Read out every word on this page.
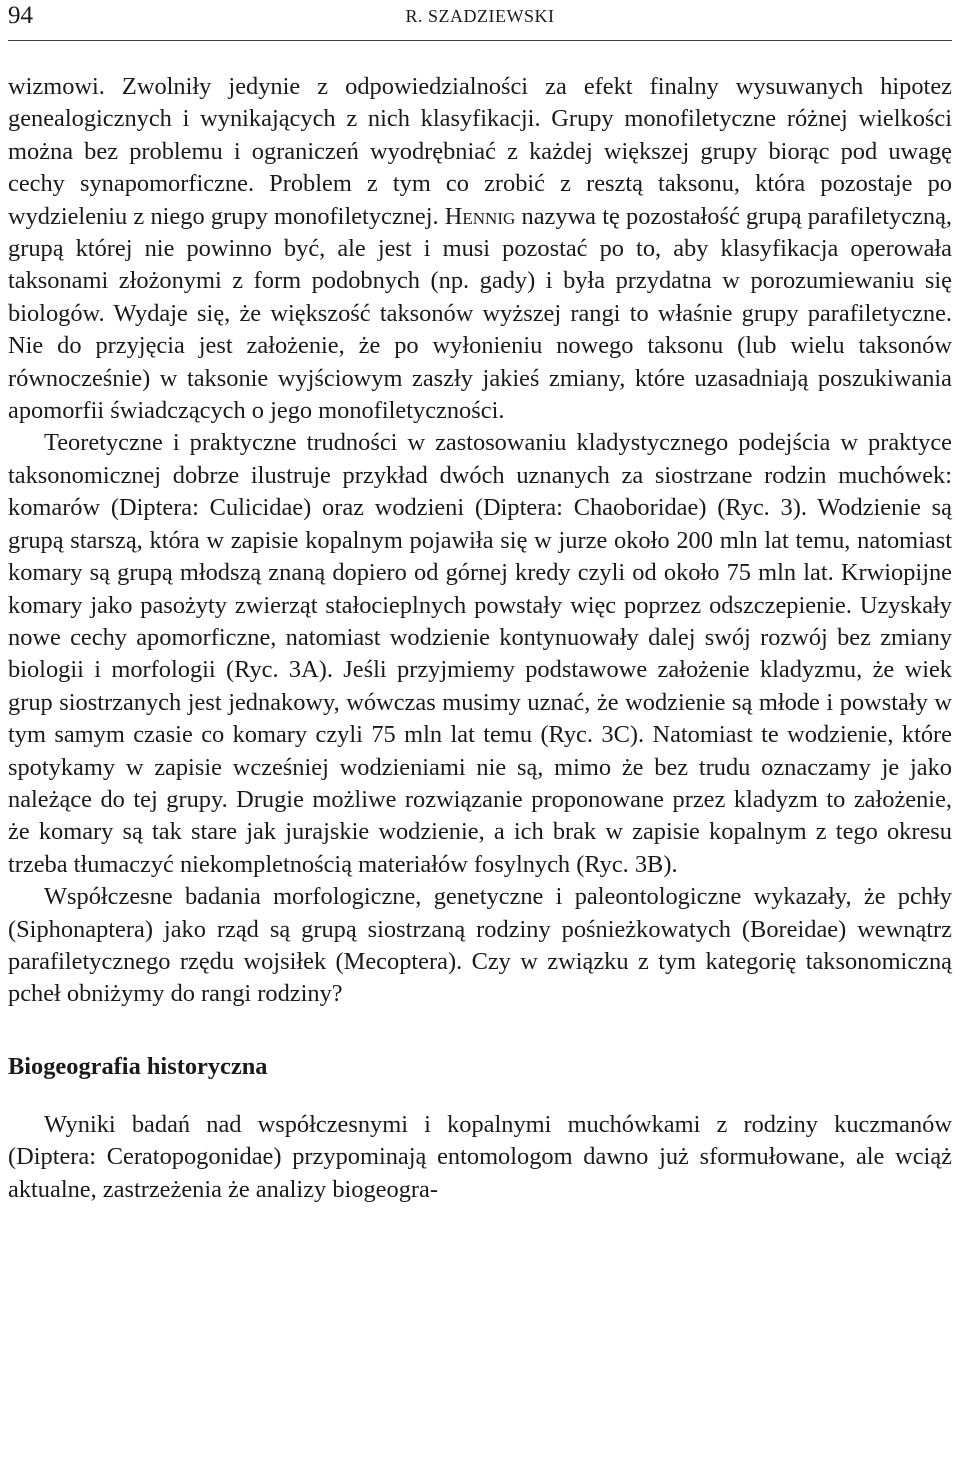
94	R. SZADZIEWSKI

wizmowi. Zwolniły jedynie z odpowiedzialności za efekt finalny wysuwanych hipotez genealogicznych i wynikających z nich klasyfikacji. Grupy monofiletyczne różnej wielkości można bez problemu i ograniczeń wyodrębniać z każdej większej grupy biorąc pod uwagę cechy synapomorficzne. Problem z tym co zrobić z resztą taksonu, która pozostaje po wydzieleniu z niego grupy monofiletycznej. Hennig nazywa tę pozostałość grupą parafiletyczną, grupą której nie powinno być, ale jest i musi pozostać po to, aby klasyfikacja operowała taksonami złożonymi z form podobnych (np. gady) i była przydatna w porozumiewaniu się biologów. Wydaje się, że większość taksonów wyższej rangi to właśnie grupy parafiletyczne. Nie do przyjęcia jest założenie, że po wyłonieniu nowego taksonu (lub wielu taksonów równocześnie) w taksonie wyjściowym zaszły jakieś zmiany, które uzasadniają poszukiwania apomorfii świadczących o jego monofiletyczności.

Teoretyczne i praktyczne trudności w zastosowaniu kladystycznego podejścia w praktyce taksonomicznej dobrze ilustruje przykład dwóch uznanych za siostrzane rodzin muchówek: komarów (Diptera: Culicidae) oraz wodzieni (Diptera: Chaoboridae) (Ryc. 3). Wodzienie są grupą starszą, która w zapisie kopalnym pojawiła się w jurze około 200 mln lat temu, natomiast komary są grupą młodszą znaną dopiero od górnej kredy czyli od około 75 mln lat. Krwiopijne komary jako pasożyty zwierząt stałocieplnych powstały więc poprzez odszczepienie. Uzyskały nowe cechy apomorficzne, natomiast wodzienie kontynuowały dalej swój rozwój bez zmiany biologii i morfologii (Ryc. 3A). Jeśli przyjmiemy podstawowe założenie kladyzmu, że wiek grup siostrzanych jest jednakowy, wówczas musimy uznać, że wodzienie są młode i powstały w tym samym czasie co komary czyli 75 mln lat temu (Ryc. 3C). Natomiast te wodzienie, które spotykamy w zapisie wcześniej wodzieniami nie są, mimo że bez trudu oznaczamy je jako należące do tej grupy. Drugie możliwe rozwiązanie proponowane przez kladyzm to założenie, że komary są tak stare jak jurajskie wodzienie, a ich brak w zapisie kopalnym z tego okresu trzeba tłumaczyć niekompletnością materiałów fosylnych (Ryc. 3B).

Współczesne badania morfologiczne, genetyczne i paleontologiczne wykazały, że pchły (Siphonaptera) jako rząd są grupą siostrzaną rodziny pośnieżkowatych (Boreidae) wewnątrz parafiletycznego rzędu wojsiłek (Mecoptera). Czy w związku z tym kategorię taksonomiczną pcheł obniżymy do rangi rodziny?

Biogeografia historyczna

Wyniki badań nad współczesnymi i kopalnymi muchówkami z rodziny kuczmanów (Diptera: Ceratopogonidae) przypominają entomologom dawno już sformułowane, ale wciąż aktualne, zastrzeżenia że analizy biogeogra-
